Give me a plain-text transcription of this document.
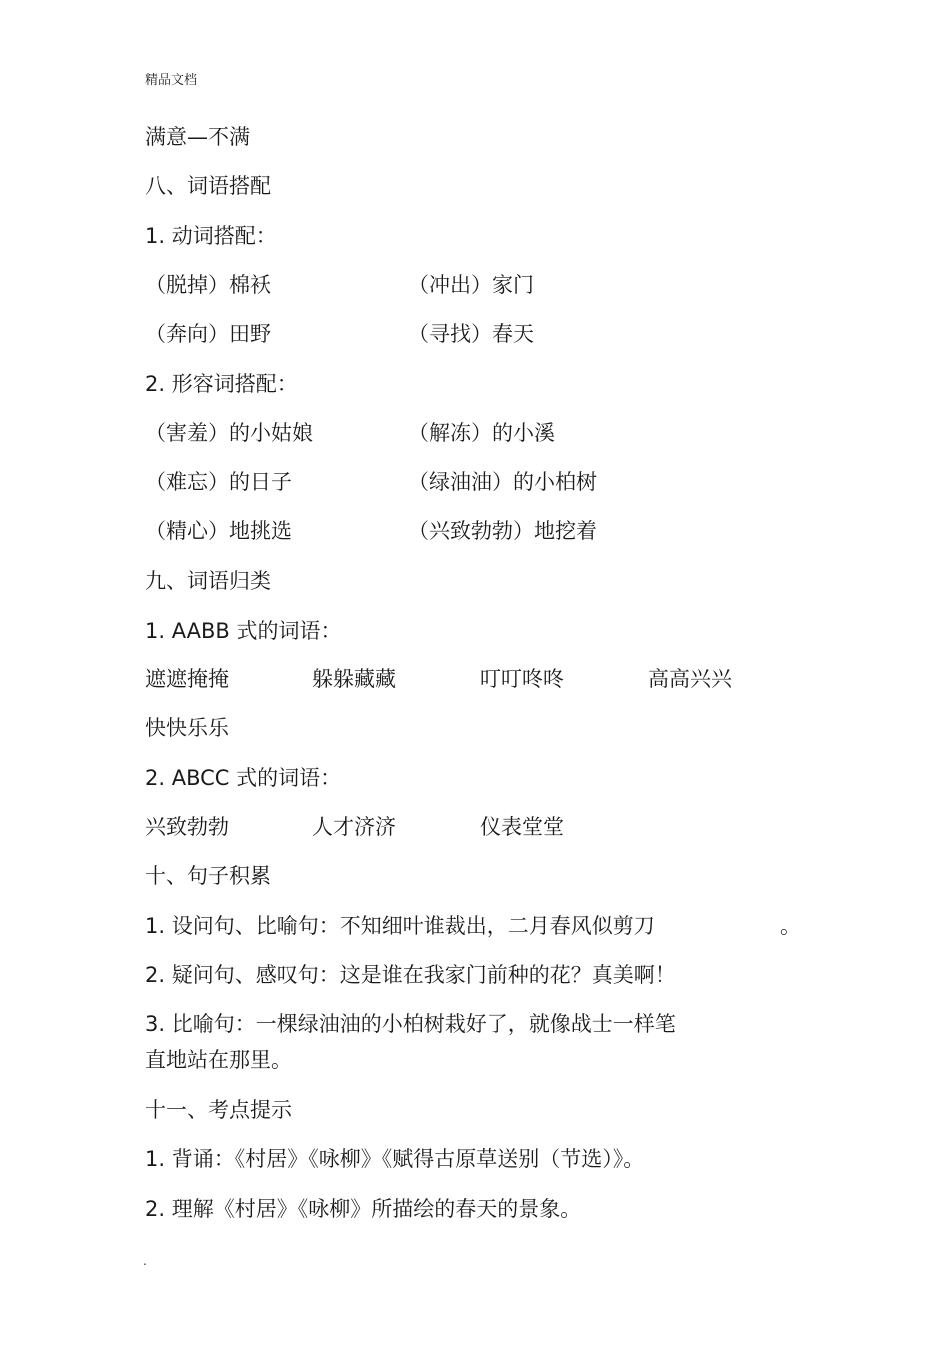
精品文档
满意—不满
八、词语搭配
1. 动词搭配：
（脱掉）棉袄	（冲出）家门
（奔向）田野	（寻找）春天
2. 形容词搭配：
（害羞）的小姑娘	（解冻）的小溪
（难忘）的日子	（绿油油）的小柏树
（精心）地挑选	（兴致勃勃）地挖着
九、词语归类
1. AABB 式的词语：
遮遮掩掩	躲躲藏藏	叮叮咚咚	高高兴兴
快快乐乐
2. ABCC 式的词语：
兴致勃勃	人才济济	仪表堂堂
十、句子积累
1. 设问句、比喻句：不知细叶谁裁出，二月春风似剪刀	。
2. 疑问句、感叹句：这是谁在我家门前种的花？真美啊！
3. 比喻句：一棵绿油油的小柏树栽好了，就像战士一样笔
直地站在那里。
十一、考点提示
1. 背诵：《村居》《咏柳》《赋得古原草送别（节选）》。
2. 理解《村居》《咏柳》所描绘的春天的景象。
.
